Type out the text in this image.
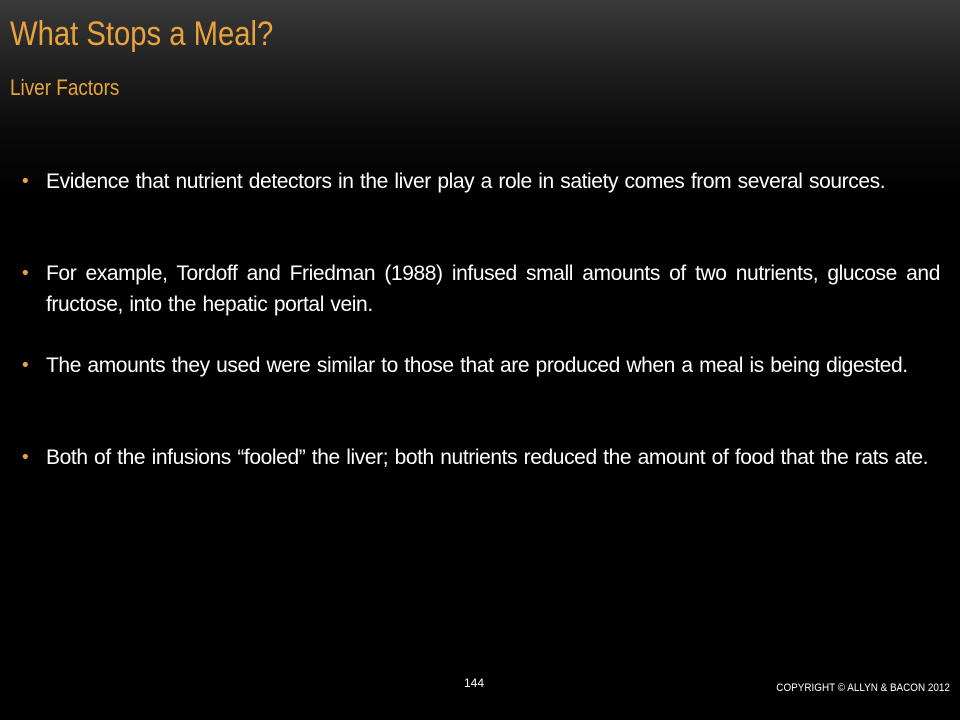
What Stops a Meal?
Liver Factors
• Evidence that nutrient detectors in the liver play a role in satiety comes from several sources.
• For example, Tordoff and Friedman (1988) infused small amounts of two nutrients, glucose and fructose, into the hepatic portal vein.
• The amounts they used were similar to those that are produced when a meal is being digested.
• Both of the infusions “fooled” the liver; both nutrients reduced the amount of food that the rats ate.
144	COPYRIGHT © ALLYN & BACON 2012
